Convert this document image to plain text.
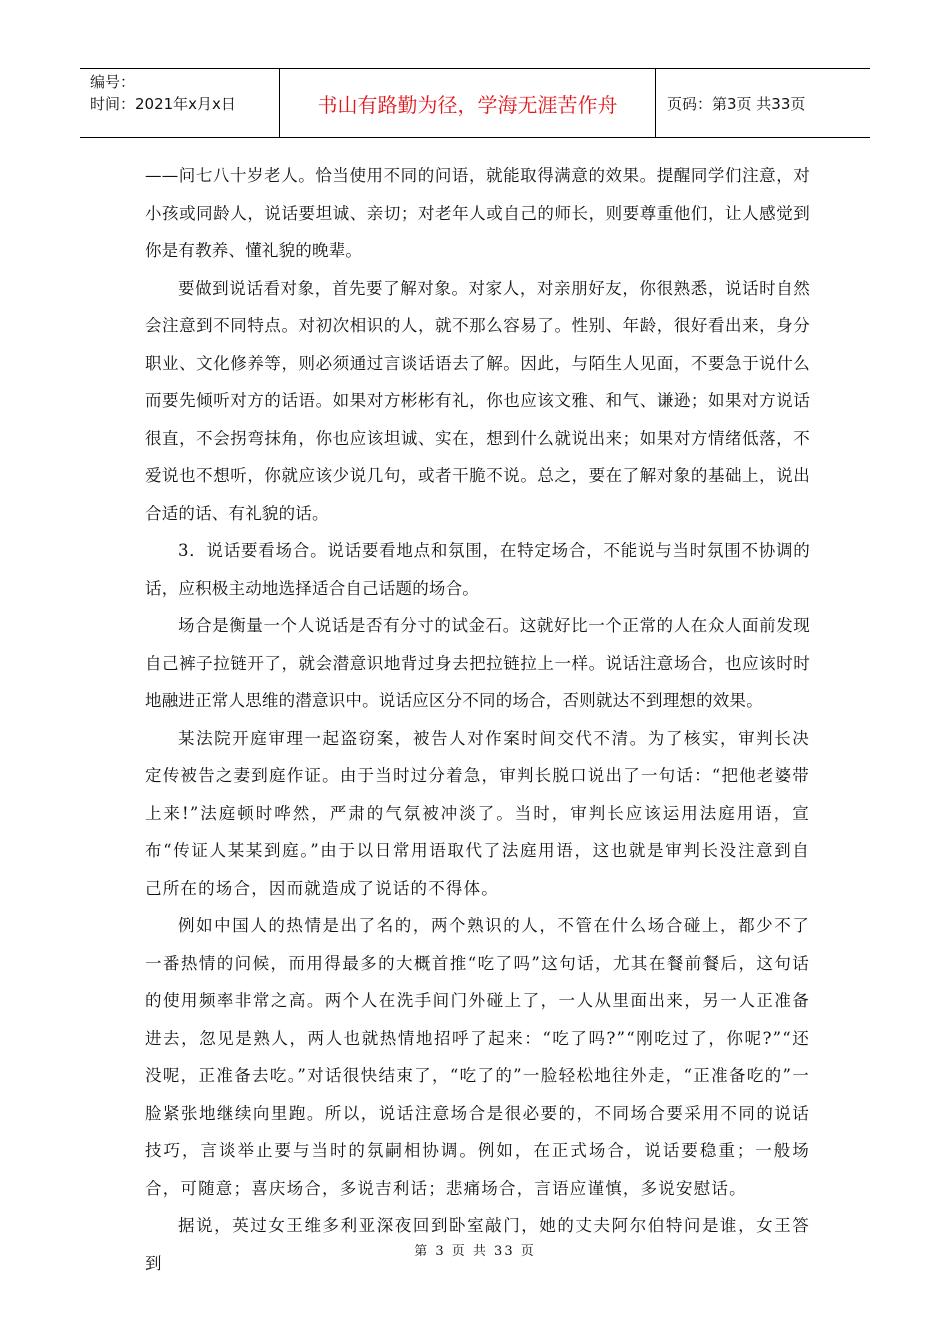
编号：
时间：2021年x月x日	书山有路勤为径，学海无涯苦作舟	页码：第3页 共33页

——问七八十岁老人。恰当使用不同的问语，就能取得满意的效果。提醒同学们注意，对小孩或同龄人，说话要坦诚、亲切；对老年人或自己的师长，则要尊重他们，让人感觉到你是有教养、懂礼貌的晚辈。

要做到说话看对象，首先要了解对象。对家人，对亲朋好友，你很熟悉，说话时自然会注意到不同特点。对初次相识的人，就不那么容易了。性别、年龄，很好看出来，身分职业、文化修养等，则必须通过言谈话语去了解。因此，与陌生人见面，不要急于说什么而要先倾听对方的话语。如果对方彬彬有礼，你也应该文雅、和气、谦逊；如果对方说话很直，不会拐弯抹角，你也应该坦诚、实在，想到什么就说出来；如果对方情绪低落，不爱说也不想听，你就应该少说几句，或者干脆不说。总之，要在了解对象的基础上，说出合适的话、有礼貌的话。

3．说话要看场合。说话要看地点和氛围，在特定场合，不能说与当时氛围不协调的话，应积极主动地选择适合自己话题的场合。

场合是衡量一个人说话是否有分寸的试金石。这就好比一个正常的人在众人面前发现自己裤子拉链开了，就会潜意识地背过身去把拉链拉上一样。说话注意场合，也应该时时地融进正常人思维的潜意识中。说话应区分不同的场合，否则就达不到理想的效果。

某法院开庭审理一起盗窃案，被告人对作案时间交代不清。为了核实，审判长决定传被告之妻到庭作证。由于当时过分着急，审判长脱口说出了一句话：“把他老婆带上来!”法庭顿时哗然，严肃的气氛被冲淡了。当时，审判长应该运用法庭用语，宣布“传证人某某到庭。”由于以日常用语取代了法庭用语，这也就是审判长没注意到自己所在的场合，因而就造成了说话的不得体。

例如中国人的热情是出了名的，两个熟识的人，不管在什么场合碰上，都少不了一番热情的问候，而用得最多的大概首推“吃了吗”这句话，尤其在餐前餐后，这句话的使用频率非常之高。两个人在洗手间门外碰上了，一人从里面出来，另一人正准备进去，忽见是熟人，两人也就热情地招呼了起来：“吃了吗?”“刚吃过了，你呢?”“还没呢，正准备去吃。”对话很快结束了，“吃了的”一脸轻松地往外走，“正准备吃的”一脸紧张地继续向里跑。所以，说话注意场合是很必要的，不同场合要采用不同的说话技巧，言谈举止要与当时的氛嗣相协调。例如，在正式场合，说话要稳重；一般场合，可随意；喜庆场合，多说吉利话；悲痛场合，言语应谨慎，多说安慰话。

据说，英过女王维多利亚深夜回到卧室敲门，她的丈夫阿尔伯特问是谁，女王答到

第 3 页 共 33 页
